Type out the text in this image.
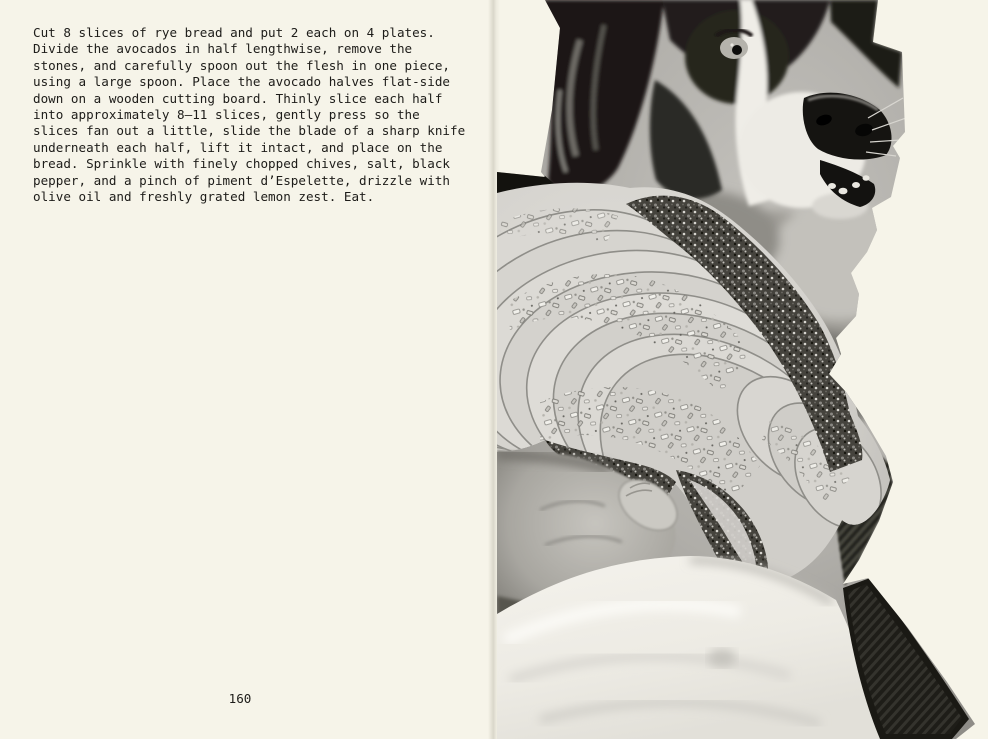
Cut 8 slices of rye bread and put 2 each on 4 plates.
Divide the avocados in half lengthwise, remove the
stones, and carefully spoon out the flesh in one piece,
using a large spoon. Place the avocado halves flat-side
down on a wooden cutting board. Thinly slice each half
into approximately 8–11 slices, gently press so the
slices fan out a little, slide the blade of a sharp knife
underneath each half, lift it intact, and place on the
bread. Sprinkle with finely chopped chives, salt, black
pepper, and a pinch of piment d’Espelette, drizzle with
olive oil and freshly grated lemon zest. Eat.
160
